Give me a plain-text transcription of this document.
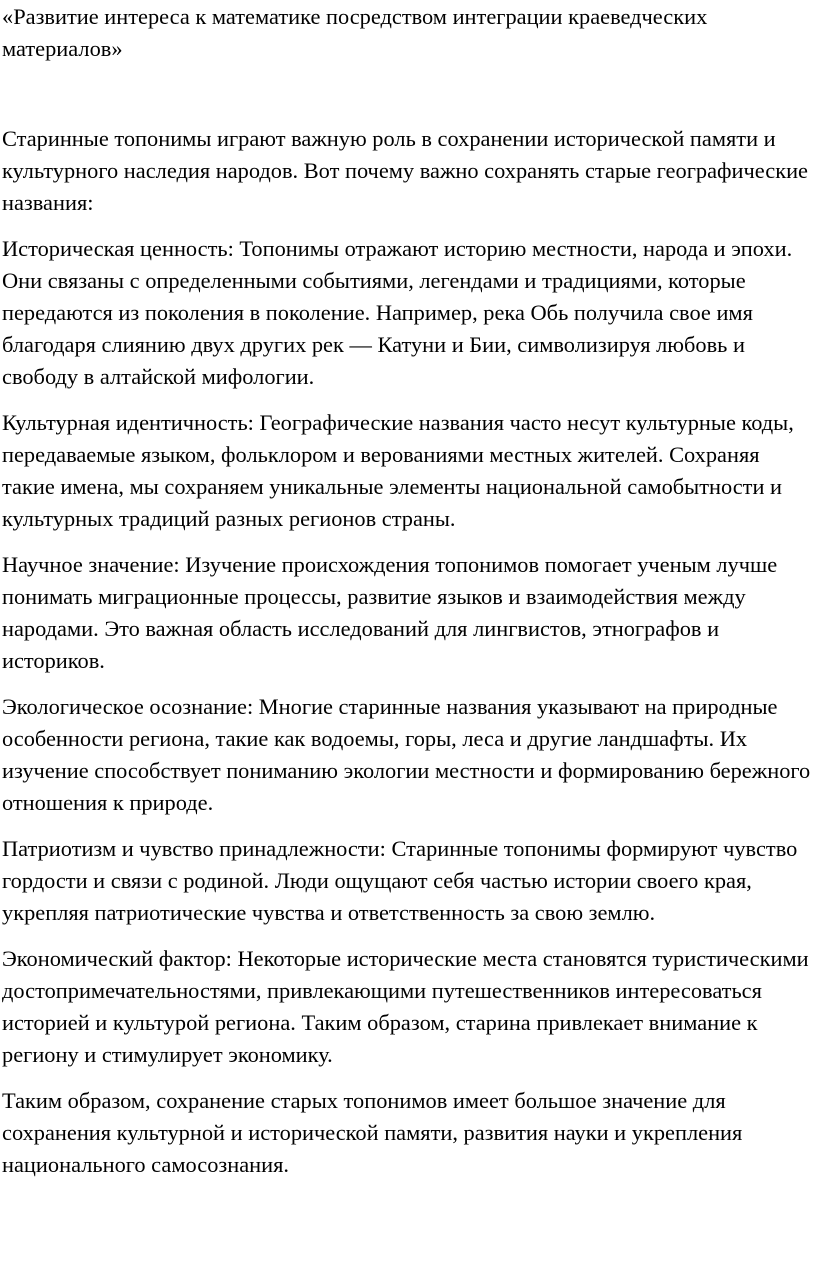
«Развитие интереса к математике посредством интеграции краеведческих материалов»

Старинные топонимы играют важную роль в сохранении исторической памяти и культурного наследия народов. Вот почему важно сохранять старые географические названия:

Историческая ценность: Топонимы отражают историю местности, народа и эпохи. Они связаны с определенными событиями, легендами и традициями, которые передаются из поколения в поколение. Например, река Обь получила свое имя благодаря слиянию двух других рек — Катуни и Бии, символизируя любовь и свободу в алтайской мифологии.

Культурная идентичность: Географические названия часто несут культурные коды, передаваемые языком, фольклором и верованиями местных жителей. Сохраняя такие имена, мы сохраняем уникальные элементы национальной самобытности и культурных традиций разных регионов страны.

Научное значение: Изучение происхождения топонимов помогает ученым лучше понимать миграционные процессы, развитие языков и взаимодействия между народами. Это важная область исследований для лингвистов, этнографов и историков.

Экологическое осознание: Многие старинные названия указывают на природные особенности региона, такие как водоемы, горы, леса и другие ландшафты. Их изучение способствует пониманию экологии местности и формированию бережного отношения к природе.

Патриотизм и чувство принадлежности: Старинные топонимы формируют чувство гордости и связи с родиной. Люди ощущают себя частью истории своего края, укрепляя патриотические чувства и ответственность за свою землю.

Экономический фактор: Некоторые исторические места становятся туристическими достопримечательностями, привлекающими путешественников интересоваться историей и культурой региона. Таким образом, старина привлекает внимание к региону и стимулирует экономику.

Таким образом, сохранение старых топонимов имеет большое значение для сохранения культурной и исторической памяти, развития науки и укрепления национального самосознания.
